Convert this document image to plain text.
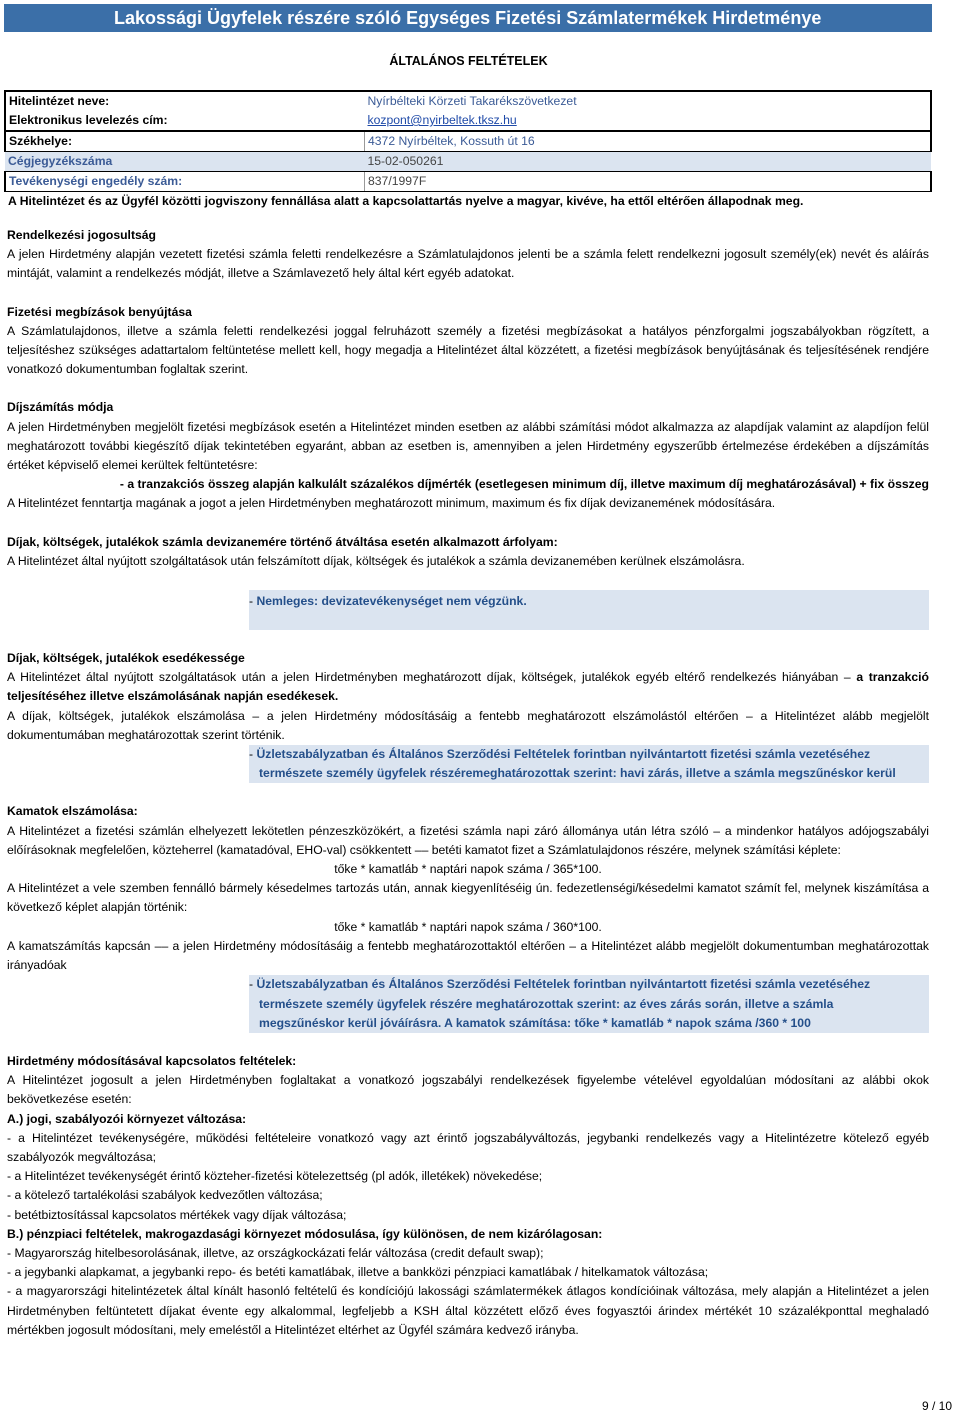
Lakossági Ügyfelek részére szóló Egységes Fizetési Számlatermékek Hirdetménye
ÁLTALÁNOS FELTÉTELEK
Hitelintézet neve:	Nyírbélteki Körzeti Takarékszövetkezet
Elektronikus levelezés cím:	kozpont@nyirbeltek.tksz.hu
Székhelye:	4372 Nyírbéltek, Kossuth út 16
Cégjegyzékszáma	15-02-050261
Tevékenységi engedély szám:	837/1997F
A Hitelintézet és az Ügyfél közötti jogviszony fennállása alatt a kapcsolattartás nyelve a magyar, kivéve, ha ettől eltérően állapodnak meg.	

Rendelkezési jogosultság

A jelen Hirdetmény alapján vezetett fizetési számla feletti rendelkezésre a Számlatulajdonos jelenti be a számla felett rendelkezni jogosult személy(ek) nevét és aláírás mintáját, valamint a rendelkezés módját, illetve a Számlavezető hely által kért egyéb adatokat.

Fizetési megbízások benyújtása

A Számlatulajdonos, illetve a számla feletti rendelkezési joggal felruházott személy a fizetési megbízásokat a hatályos pénzforgalmi jogszabályokban rögzített, a teljesítéshez szükséges adattartalom feltüntetése mellett kell, hogy megadja a Hitelintézet által közzétett, a fizetési megbízások benyújtásának és teljesítésének rendjére vonatkozó dokumentumban foglaltak szerint.

Díjszámítás módja

A jelen Hirdetményben megjelölt fizetési megbízások esetén a Hitelintézet minden esetben az alábbi számítási módot alkalmazza az alapdíjak valamint az alapdíjon felül meghatározott további kiegészítő díjak tekintetében egyaránt, abban az esetben is, amennyiben a jelen Hirdetmény egyszerűbb értelmezése érdekében a díjszámítás értéket képviselő elemei kerültek feltüntetésre:

- a tranzakciós összeg alapján kalkulált százalékos díjmérték (esetlegesen minimum díj, illetve maximum díj meghatározásával) + fix összeg

A Hitelintézet fenntartja magának a jogot a jelen Hirdetményben meghatározott minimum, maximum és fix díjak devizanemének módosítására.

Díjak, költségek, jutalékok számla devizanemére történő átváltása esetén alkalmazott árfolyam:

A Hitelintézet által nyújtott szolgáltatások után felszámított díjak, költségek és jutalékok a számla devizanemében kerülnek elszámolásra.

- Nemleges: devizatevékenységet nem végzünk.

Díjak, költségek, jutalékok esedékessége

A Hitelintézet által nyújtott szolgáltatások után a jelen Hirdetményben meghatározott díjak, költségek, jutalékok egyéb eltérő rendelkezés hiányában – a tranzakció teljesítéséhez illetve elszámolásának napján esedékesek.

A díjak, költségek, jutalékok elszámolása – a jelen Hirdetmény módosításáig a fentebb meghatározott elszámolástól eltérően – a Hitelintézet alább megjelölt dokumentumában meghatározottak szerint történik.

- Üzletszabályzatban és Általános Szerződési Feltételek forintban nyilvántartott fizetési számla vezetéséhez
természete személy ügyfelek részéremeghatározottak szerint: havi zárás, illetve a számla megszűnéskor kerül

Kamatok elszámolása:

A Hitelintézet a fizetési számlán elhelyezett lekötetlen pénzeszközökért, a fizetési számla napi záró állománya után létra szóló – a mindenkor hatályos adójogszabályi előírásoknak megfelelően, közteherrel (kamatadóval, EHO-val) csökkentett –– betéti kamatot fizet a Számlatulajdonos részére, melynek számítási képlete:

tőke * kamatláb * naptári napok száma / 365*100.

A Hitelintézet a vele szemben fennálló bármely késedelmes tartozás után, annak kiegyenlítéséig ún. fedezetlenségi/késedelmi kamatot számít fel, melynek kiszámítása a következő képlet alapján történik:

tőke * kamatláb * naptári napok száma / 360*100.

A kamatszámítás kapcsán –– a jelen Hirdetmény módosításáig a fentebb meghatározottaktól eltérően – a Hitelintézet alább megjelölt dokumentumban meghatározottak irányadóak

- Üzletszabályzatban és Általános Szerződési Feltételek forintban nyilvántartott fizetési számla vezetéséhez
természete személy ügyfelek részére meghatározottak szerint: az éves zárás során, illetve a számla
megszűnéskor kerül jóváírásra. A kamatok számítása: tőke * kamatláb * napok száma /360 * 100

Hirdetmény módosításával kapcsolatos feltételek:

A Hitelintézet jogosult a jelen Hirdetményben foglaltakat a vonatkozó jogszabályi rendelkezések figyelembe vételével egyoldalúan módosítani az alábbi okok bekövetkezése esetén:

A.) jogi, szabályozói környezet változása:

- a Hitelintézet tevékenységére, működési feltételeire vonatkozó vagy azt érintő jogszabályváltozás, jegybanki rendelkezés vagy a Hitelintézetre kötelező egyéb szabályozók megváltozása;

- a Hitelintézet tevékenységét érintő közteher-fizetési kötelezettség (pl adók, illetékek) növekedése;

- a kötelező tartalékolási szabályok kedvezőtlen változása;

- betétbiztosítással kapcsolatos mértékek vagy díjak változása;

B.) pénzpiaci feltételek, makrogazdasági környezet módosulása, így különösen, de nem kizárólagosan:

- Magyarország hitelbesorolásának, illetve, az országkockázati felár változása (credit default swap);

- a jegybanki alapkamat, a jegybanki repo- és betéti kamatlábak, illetve a bankközi pénzpiaci kamatlábak / hitelkamatok változása;

- a magyarországi hitelintézetek által kínált hasonló feltételű és kondíciójú lakossági számlatermékek átlagos kondícióinak változása, mely alapján a Hitelintézet a jelen Hirdetményben feltüntetett díjakat évente egy alkalommal, legfeljebb a KSH által közzétett előző éves fogyasztói árindex mértékét 10 százalékponttal meghaladó mértékben jogosult módosítani, mely emeléstől a Hitelintézet eltérhet az Ügyfél számára kedvező irányba.

9 / 10
